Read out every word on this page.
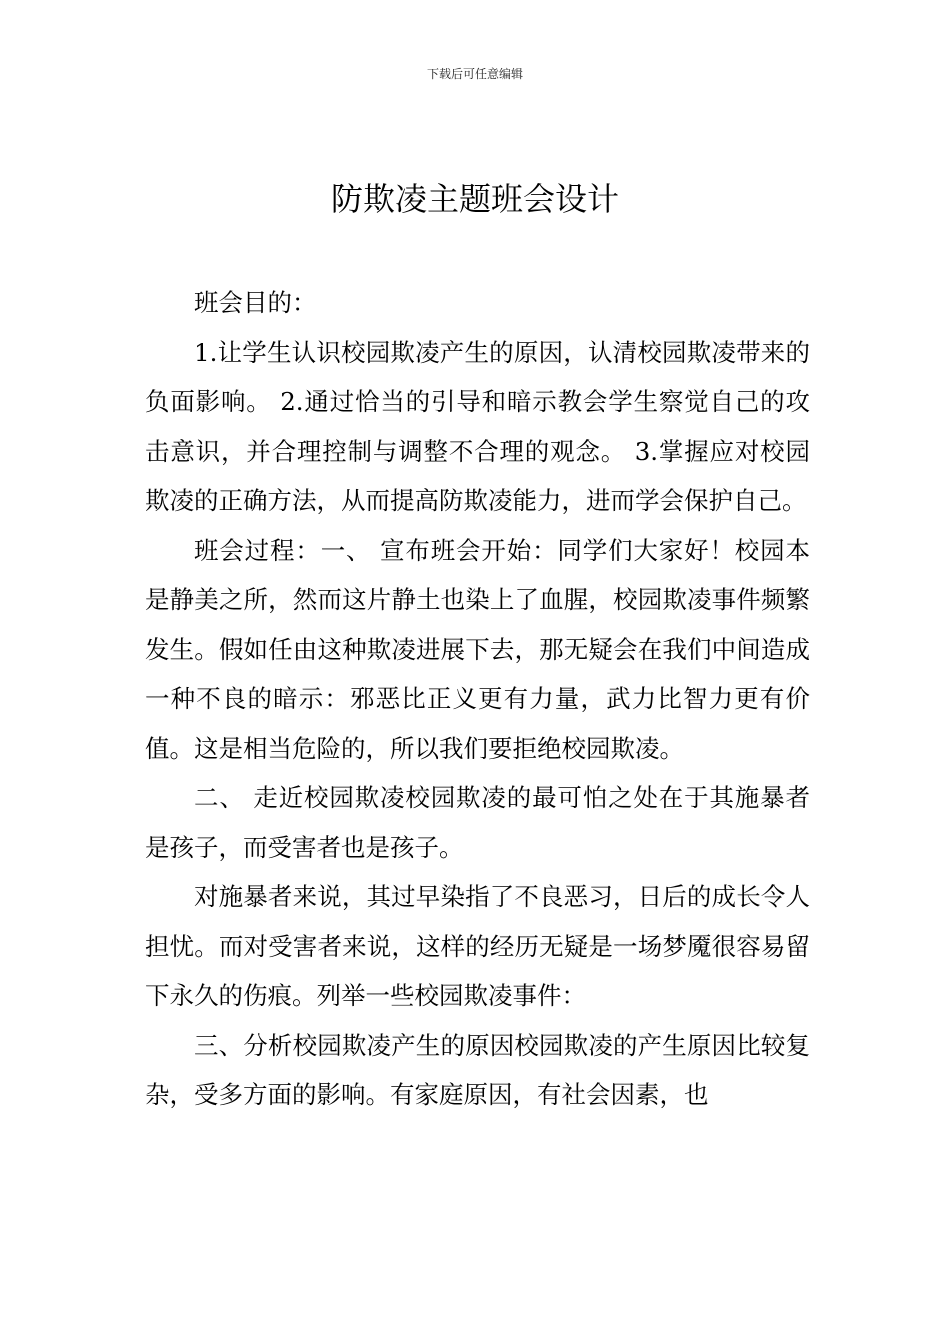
下载后可任意编辑
防欺凌主题班会设计

班会目的：

1.让学生认识校园欺凌产生的原因，认清校园欺凌带来的负面影响。 2.通过恰当的引导和暗示教会学生察觉自己的攻击意识，并合理控制与调整不合理的观念。 3.掌握应对校园欺凌的正确方法，从而提高防欺凌能力，进而学会保护自己。

班会过程：一、 宣布班会开始：同学们大家好！校园本是静美之所，然而这片静土也染上了血腥，校园欺凌事件频繁发生。假如任由这种欺凌进展下去，那无疑会在我们中间造成一种不良的暗示：邪恶比正义更有力量，武力比智力更有价值。这是相当危险的，所以我们要拒绝校园欺凌。

二、 走近校园欺凌校园欺凌的最可怕之处在于其施暴者是孩子，而受害者也是孩子。

对施暴者来说，其过早染指了不良恶习，日后的成长令人担忧。而对受害者来说，这样的经历无疑是一场梦魇很容易留下永久的伤痕。列举一些校园欺凌事件：

三、分析校园欺凌产生的原因校园欺凌的产生原因比较复杂，受多方面的影响。有家庭原因，有社会因素，也
